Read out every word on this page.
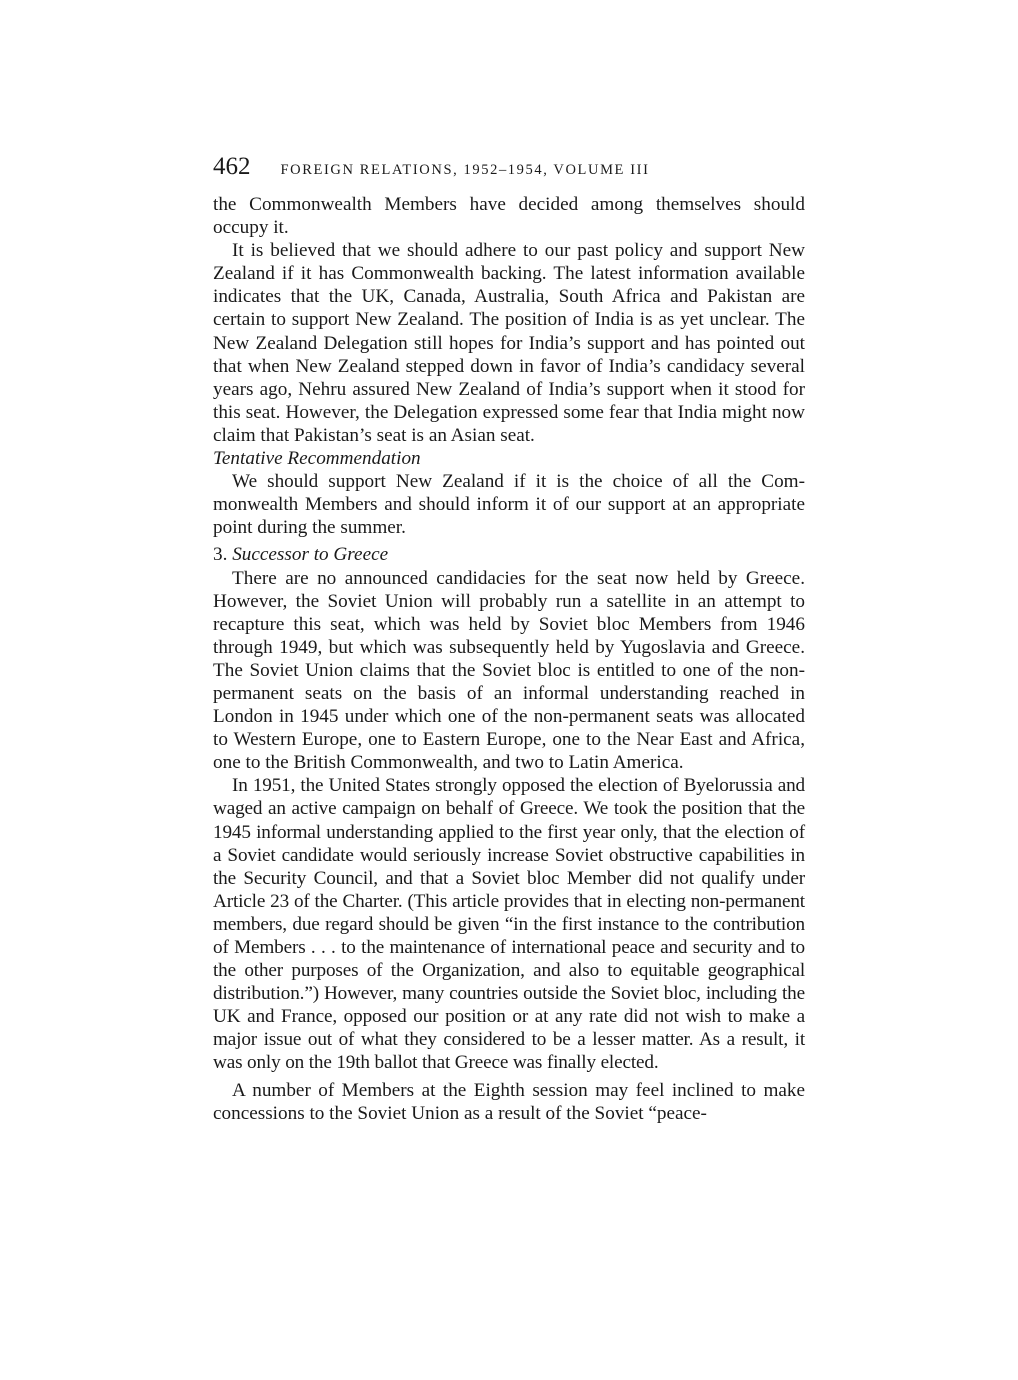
462 FOREIGN RELATIONS, 1952–1954, VOLUME III

the Commonwealth Members have decided among themselves should occupy it.

It is believed that we should adhere to our past policy and support New Zealand if it has Commonwealth backing. The latest information available indicates that the UK, Canada, Australia, South Africa and Pakistan are certain to support New Zealand. The position of India is as yet unclear. The New Zealand Delegation still hopes for India’s support and has pointed out that when New Zealand stepped down in favor of India’s candidacy several years ago, Nehru assured New Zealand of India’s support when it stood for this seat. However, the Delegation expressed some fear that India might now claim that Pakistan’s seat is an Asian seat.

Tentative Recommendation

We should support New Zealand if it is the choice of all the Commonwealth Members and should inform it of our support at an appropriate point during the summer.

3. Successor to Greece

There are no announced candidacies for the seat now held by Greece. However, the Soviet Union will probably run a satellite in an attempt to recapture this seat, which was held by Soviet bloc Members from 1946 through 1949, but which was subsequently held by Yugoslavia and Greece. The Soviet Union claims that the Soviet bloc is entitled to one of the non-permanent seats on the basis of an informal understanding reached in London in 1945 under which one of the non-permanent seats was allocated to Western Europe, one to Eastern Europe, one to the Near East and Africa, one to the British Commonwealth, and two to Latin America.

In 1951, the United States strongly opposed the election of Byelorussia and waged an active campaign on behalf of Greece. We took the position that the 1945 informal understanding applied to the first year only, that the election of a Soviet candidate would seriously increase Soviet obstructive capabilities in the Security Council, and that a Soviet bloc Member did not qualify under Article 23 of the Charter. (This article provides that in electing non-permanent members, due regard should be given “in the first instance to the contribution of Members . . . to the maintenance of international peace and security and to the other purposes of the Organization, and also to equitable geographical distribution.”) However, many countries outside the Soviet bloc, including the UK and France, opposed our position or at any rate did not wish to make a major issue out of what they considered to be a lesser matter. As a result, it was only on the 19th ballot that Greece was finally elected.

A number of Members at the Eighth session may feel inclined to make concessions to the Soviet Union as a result of the Soviet “peace-
